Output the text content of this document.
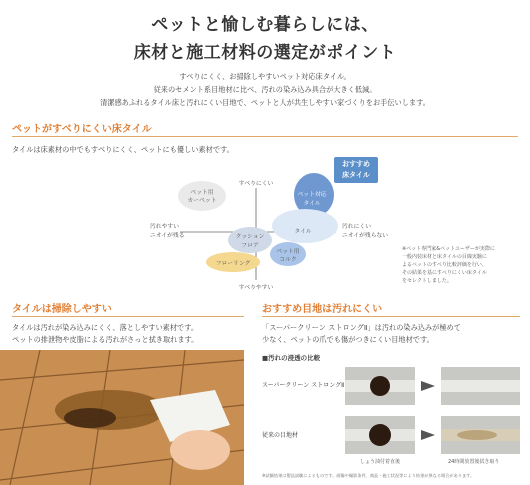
ペットと愉しむ暮らしには、
床材と施工材料の選定がポイント
すべりにくく、お掃除しやすいペット対応床タイル。
従来のセメント系目地材に比べ、汚れの染み込み具合が大きく低減。
清潔感あふれるタイル床と汚れにくい目地で、ペットと人が共生しやすい家づくりをお手伝いします。
ペットがすべりにくい床タイル
タイルは床素材の中でもすべりにくく、ペットにも優しい素材です。
おすすめ
床タイル
ペット用
カーペット
ペット対応
タイル
タイル
クッション
フロア
ペット用
コルク
フローリング
すべりにくい
すべりやすい
汚れやすい
ニオイが残る
汚れにくい
ニオイが残らない
※ペット専門家&ペットユーザーが実際に
一般内装床材と床タイルの目線実験に
よるペットのすべり比較評価を行い、
その結果を基にすべりにくい床タイル
をセレクトしました。
タイルは掃除しやすい
タイルは汚れが染み込みにくく、落としやすい素材です。
ペットの排泄物や皮脂による汚れがさっと拭き取れます。
おすすめ目地は汚れにくい
「スーパークリーン ストロングⅡ」は汚れの染み込みが極めて
少なく、ペットの爪でも傷がつきにくい目地材です。
■汚れの浸透の比較
スーパークリーン ストロングⅡ
従来の目地材
しょう油付着直後	24時間放置後拭き取り
※試験結果は製品試験によるものです。画像や撮影条件、商品・施工状況等により結果が異なる場合があります。
